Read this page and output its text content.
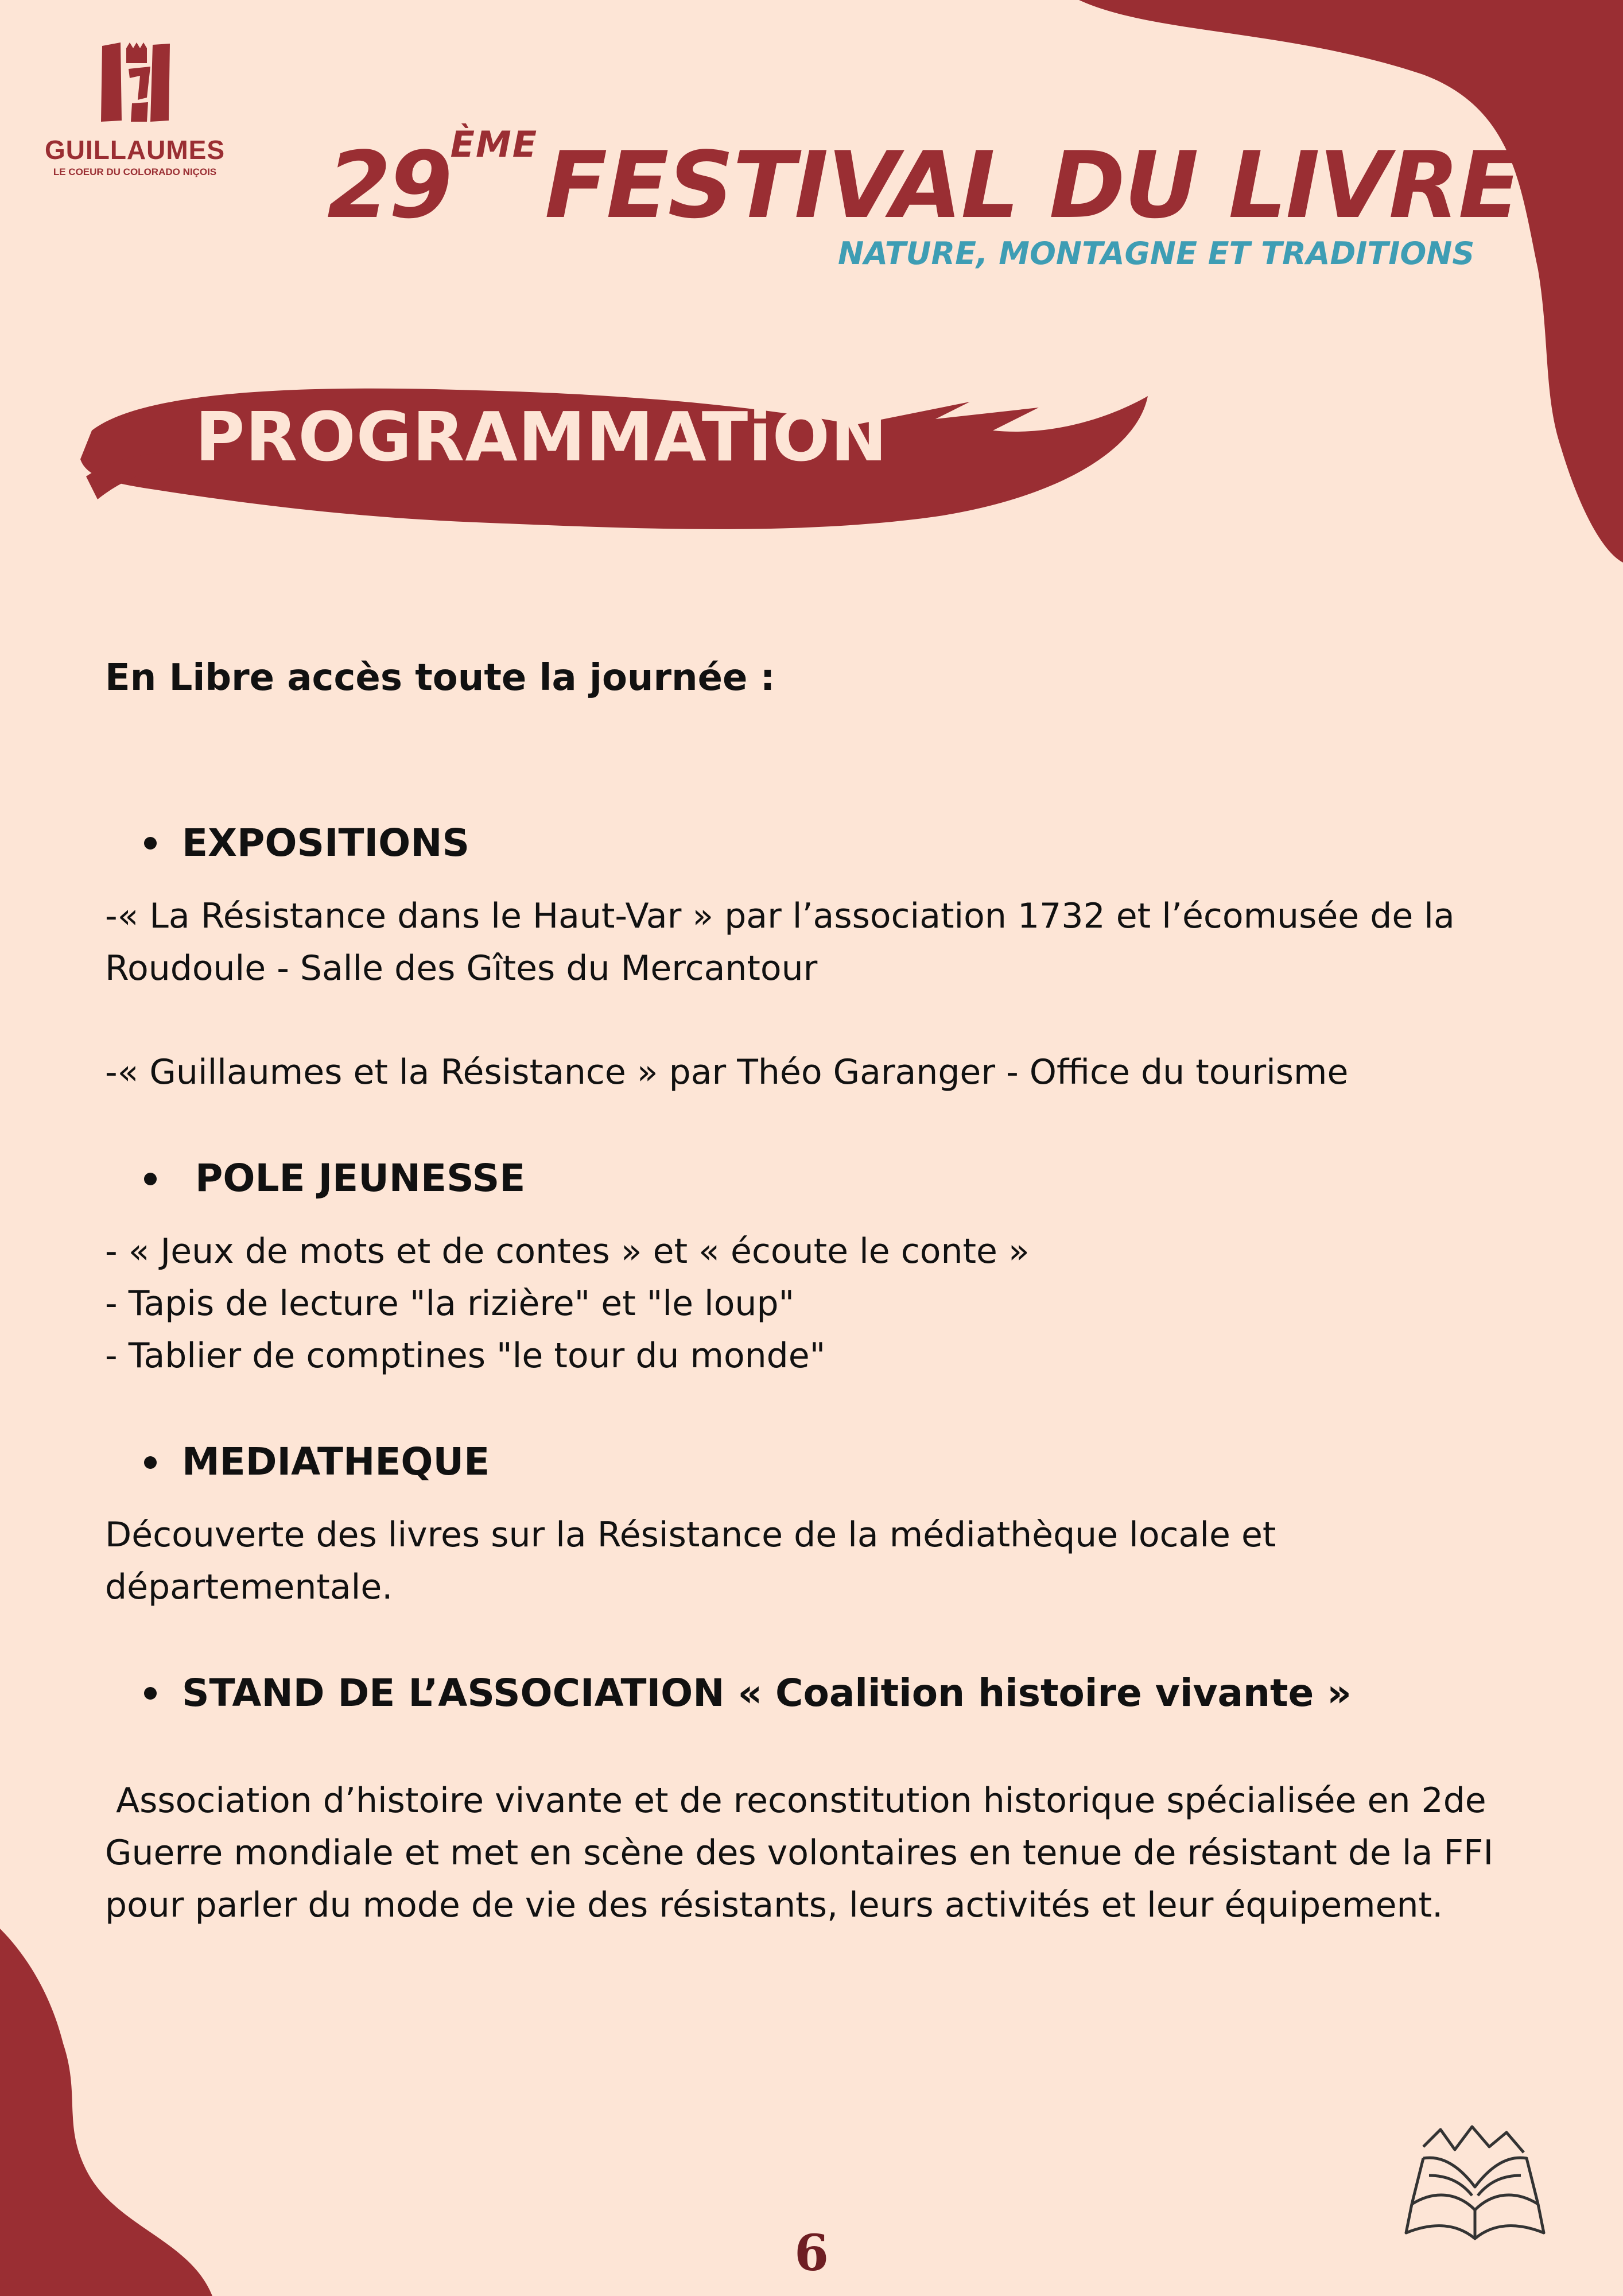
GUILLAUMES
LE COEUR DU COLORADO NIÇOIS 29ÈMEFESTIVAL DU LIVRE
NATURE, MONTAGNE ET TRADITIONS
PROGRAMMATiON

En Libre accès toute la journée :

EXPOSITIONS

-« La Résistance dans le Haut-Var » par l’association 1732 et l’écomusée de la Roudoule - Salle des Gîtes du Mercantour

-« Guillaumes et la Résistance » par Théo Garanger - Office du tourisme

POLE JEUNESSE

- « Jeux de mots et de contes » et « écoute le conte »

- Tapis de lecture "la rizière" et "le loup"

- Tablier de comptines "le tour du monde"

MEDIATHEQUE

Découverte des livres sur la Résistance de la médiathèque locale et départementale.

STAND DE L’ASSOCIATION « Coalition histoire vivante »

Association d’histoire vivante et de reconstitution historique spécialisée en 2de Guerre mondiale et met en scène des volontaires en tenue de résistant de la FFI pour parler du mode de vie des résistants, leurs activités et leur équipement.

6
